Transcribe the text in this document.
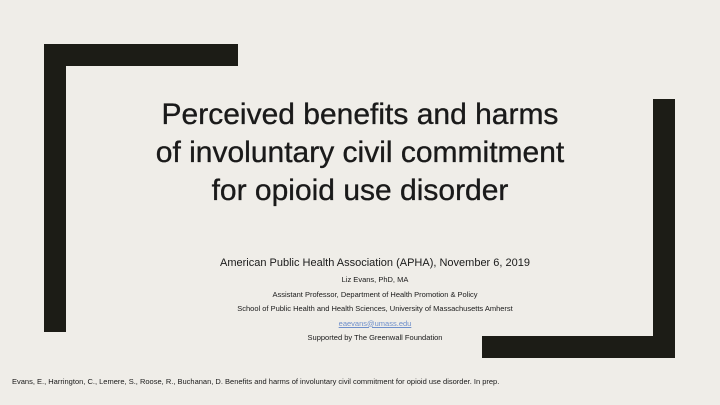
Perceived benefits and harms
of involuntary civil commitment
for opioid use disorder
American Public Health Association (APHA), November 6, 2019
Liz Evans, PhD, MA
Assistant Professor, Department of Health Promotion & Policy
School of Public Health and Health Sciences, University of Massachusetts Amherst
eaevans@umass.edu
Supported by The Greenwall Foundation
Evans, E., Harrington, C., Lemere, S., Roose, R., Buchanan, D. Benefits and harms of involuntary civil commitment for opioid use disorder. In prep.
